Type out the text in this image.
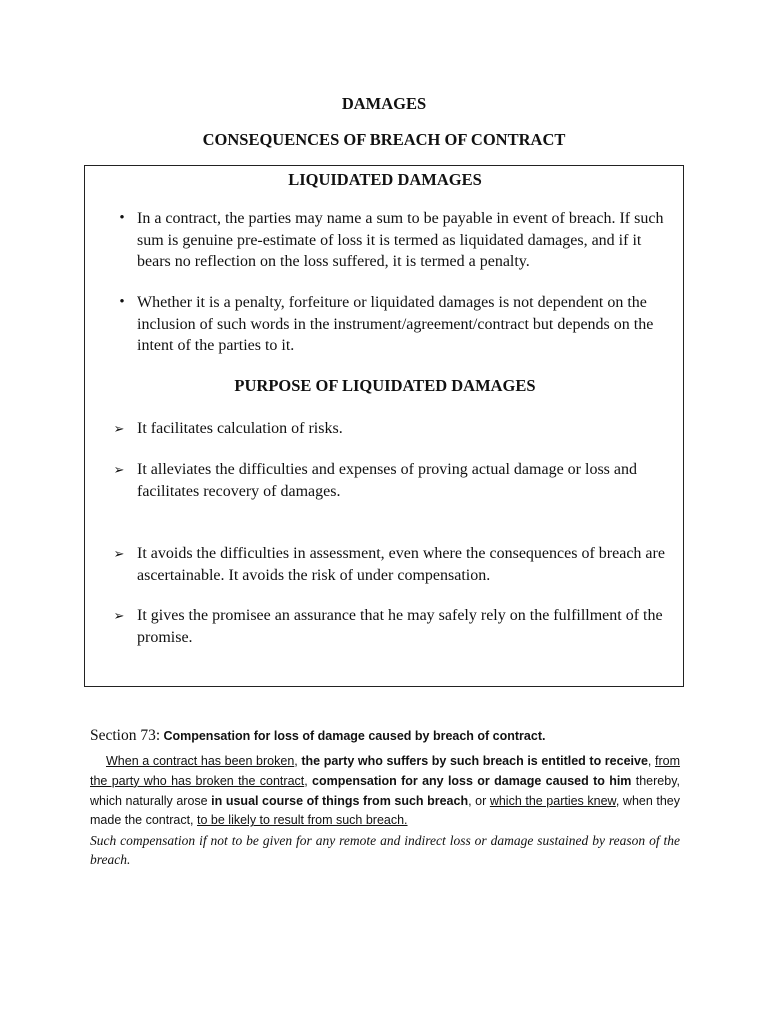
DAMAGES
CONSEQUENCES OF BREACH OF CONTRACT
LIQUIDATED DAMAGES

• In a contract, the parties may name a sum to be payable in event of breach. If such sum is genuine pre-estimate of loss it is termed as liquidated damages, and if it bears no reflection on the loss suffered, it is termed a penalty.

• Whether it is a penalty, forfeiture or liquidated damages is not dependent on the inclusion of such words in the instrument/agreement/contract but depends on the intent of the parties to it.

PURPOSE OF LIQUIDATED DAMAGES

➢ It facilitates calculation of risks.

➢ It alleviates the difficulties and expenses of proving actual damage or loss and facilitates recovery of damages.

➢ It avoids the difficulties in assessment, even where the consequences of breach are ascertainable. It avoids the risk of under compensation.

➢ It gives the promisee an assurance that he may safely rely on the fulfillment of the promise.

Section 73: Compensation for loss of damage caused by breach of contract.

When a contract has been broken, the party who suffers by such breach is entitled to receive, from the party who has broken the contract, compensation for any loss or damage caused to him thereby, which naturally arose in usual course of things from such breach, or which the parties knew, when they made the contract, to be likely to result from such breach.

Such compensation if not to be given for any remote and indirect loss or damage sustained by reason of the breach.
